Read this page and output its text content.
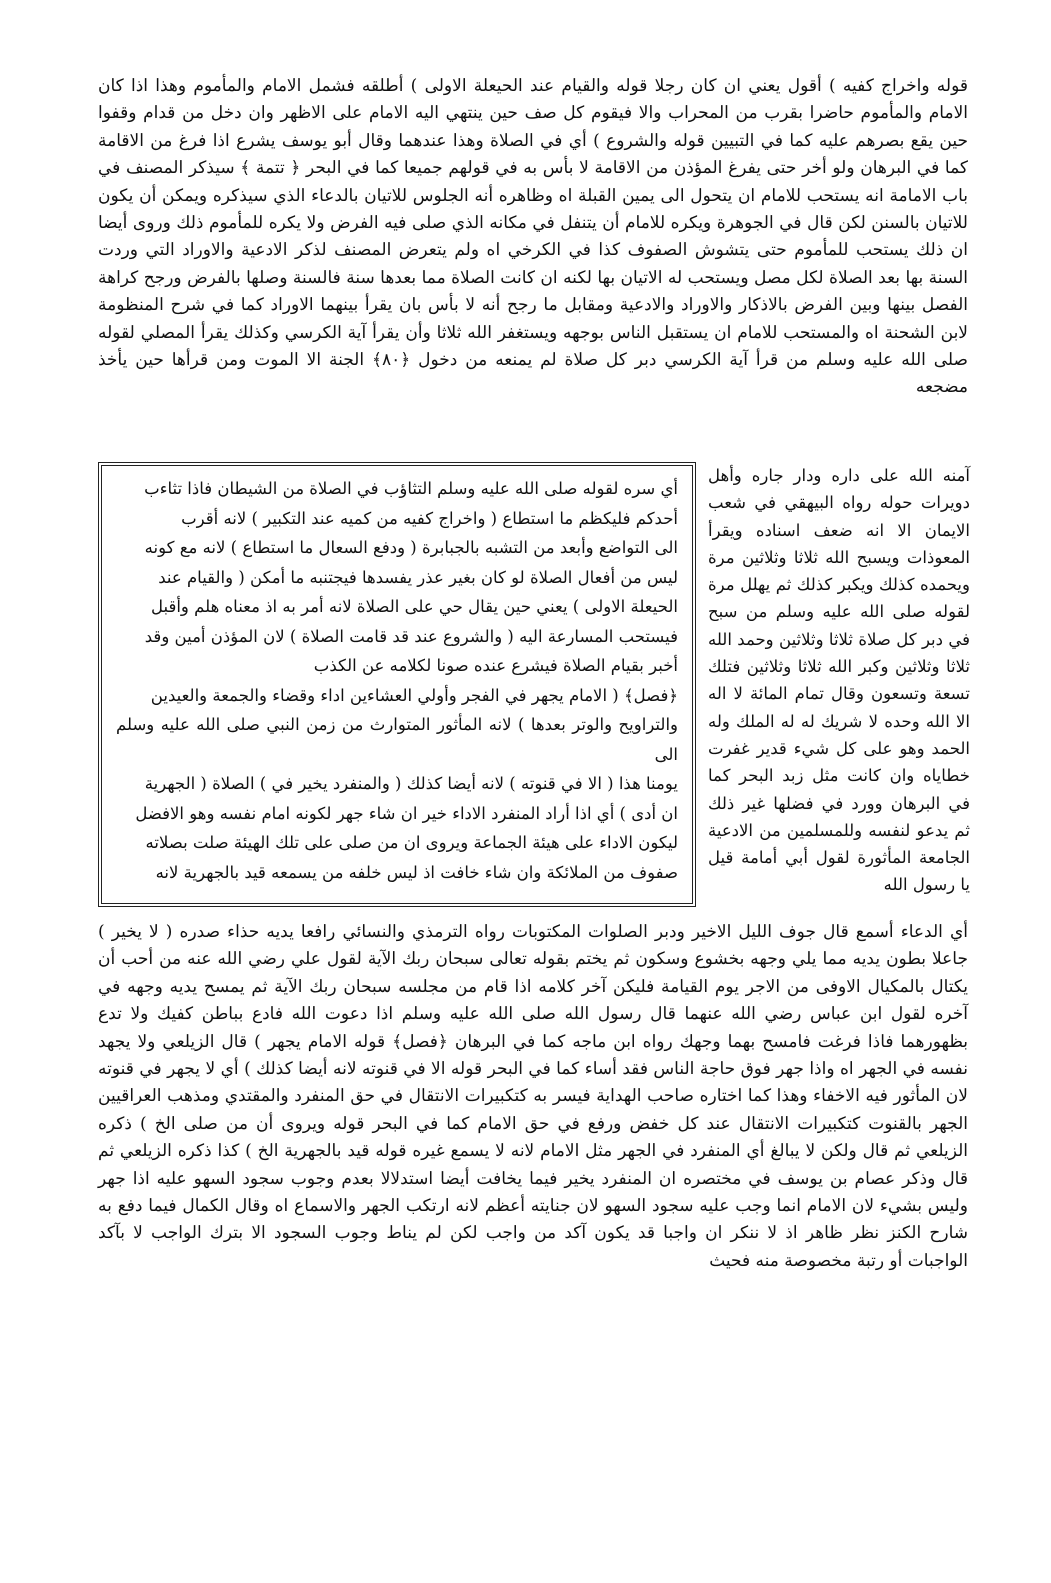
قوله واخراج كفيه ) أقول يعني ان كان رجلا قوله والقيام عند الحيعلة الاولى ) أطلقه فشمل الامام والمأموم وهذا اذا كان الامام والمأموم حاضرا بقرب من المحراب والا فيقوم كل صف حين ينتهي اليه الامام على الاظهر وان دخل من قدام وقفوا حين يقع بصرهم عليه كما في التبيين قوله والشروع ) أي في الصلاة وهذا عندهما وقال أبو يوسف يشرع اذا فرغ من الاقامة كما في البرهان ولو أخر حتى يفرغ المؤذن من الاقامة لا بأس به في قولهم جميعا كما في البحر ﴿ تتمة ﴾ سيذكر المصنف في باب الامامة انه يستحب للامام ان يتحول الى يمين القبلة اه وظاهره أنه الجلوس للاتيان بالدعاء الذي سيذكره ويمكن أن يكون للاتيان بالسنن لكن قال في الجوهرة ويكره للامام أن يتنفل في مكانه الذي صلى فيه الفرض ولا يكره للمأموم ذلك وروى أيضا ان ذلك يستحب للمأموم حتى يتشوش الصفوف كذا في الكرخي اه ولم يتعرض المصنف لذكر الادعية والاوراد التي وردت السنة بها بعد الصلاة لكل مصل ويستحب له الاتيان بها لكنه ان كانت الصلاة مما بعدها سنة فالسنة وصلها بالفرض ورجح كراهة الفصل بينها وبين الفرض بالاذكار والاوراد والادعية ومقابل ما رجح أنه لا بأس بان يقرأ بينهما الاوراد كما في شرح المنظومة لابن الشحنة اه والمستحب للامام ان يستقبل الناس بوجهه ويستغفر الله ثلاثا وأن يقرأ آية الكرسي وكذلك يقرأ المصلي لقوله صلى الله عليه وسلم من قرأ آية الكرسي دبر كل صلاة لم يمنعه من دخول ﴿٨٠﴾ الجنة الا الموت ومن قرأها حين يأخذ مضجعه

أي سره لقوله صلى الله عليه وسلم التثاؤب في الصلاة من الشيطان فاذا تثاءب

أحدكم فليكظم ما استطاع ( واخراج كفيه من كميه عند التكبير ) لانه أقرب

الى التواضع وأبعد من التشبه بالجبابرة ( ودفع السعال ما استطاع ) لانه مع كونه

ليس من أفعال الصلاة لو كان بغير عذر يفسدها فيجتنبه ما أمكن ( والقيام عند

الحيعلة الاولى ) يعني حين يقال حي على الصلاة لانه أمر به اذ معناه هلم وأقبل

فيستحب المسارعة اليه ( والشروع عند قد قامت الصلاة ) لان المؤذن أمين وقد

أخبر بقيام الصلاة فيشرع عنده صونا لكلامه عن الكذب

﴿فصل﴾ ( الامام يجهر في الفجر وأولي العشاءين اداء وقضاء والجمعة والعيدين

والتراويح والوتر بعدها ) لانه المأثور المتوارث من زمن النبي صلى الله عليه وسلم الى

يومنا هذا ( الا في قنوته ) لانه أيضا كذلك ( والمنفرد يخير في ) الصلاة ( الجهرية

ان أدى ) أي اذا أراد المنفرد الاداء خير ان شاء جهر لكونه امام نفسه وهو الافضل

ليكون الاداء على هيئة الجماعة ويروى ان من صلى على تلك الهيئة صلت بصلاته

صفوف من الملائكة وان شاء خافت اذ ليس خلفه من يسمعه قيد بالجهرية لانه

آمنه الله على داره ودار جاره وأهل دويرات حوله رواه البيهقي في شعب الايمان الا انه ضعف اسناده ويقرأ المعوذات ويسبح الله ثلاثا وثلاثين مرة ويحمده كذلك ويكبر كذلك ثم يهلل مرة لقوله صلى الله عليه وسلم من سبح في دبر كل صلاة ثلاثا وثلاثين وحمد الله ثلاثا وثلاثين وكبر الله ثلاثا وثلاثين فتلك تسعة وتسعون وقال تمام المائة لا اله الا الله وحده لا شريك له له الملك وله الحمد وهو على كل شيء قدير غفرت خطاياه وان كانت مثل زبد البحر كما في البرهان وورد في فضلها غير ذلك ثم يدعو لنفسه وللمسلمين من الادعية الجامعة المأثورة لقول أبي أمامة قيل يا رسول الله

أي الدعاء أسمع قال جوف الليل الاخير ودبر الصلوات المكتوبات رواه الترمذي والنسائي رافعا يديه حذاء صدره ( لا يخير ) جاعلا بطون يديه مما يلي وجهه بخشوع وسكون ثم يختم بقوله تعالى سبحان ربك الآية لقول علي رضي الله عنه من أحب أن يكتال بالمكيال الاوفى من الاجر يوم القيامة فليكن آخر كلامه اذا قام من مجلسه سبحان ربك الآية ثم يمسح يديه وجهه في آخره لقول ابن عباس رضي الله عنهما قال رسول الله صلى الله عليه وسلم اذا دعوت الله فادع بباطن كفيك ولا تدع بظهورهما فاذا فرغت فامسح بهما وجهك رواه ابن ماجه كما في البرهان ﴿فصل﴾ قوله الامام يجهر ) قال الزيلعي ولا يجهد نفسه في الجهر اه واذا جهر فوق حاجة الناس فقد أساء كما في البحر قوله الا في قنوته لانه أيضا كذلك ) أي لا يجهر في قنوته لان المأثور فيه الاخفاء وهذا كما اختاره صاحب الهداية فيسر به كتكبيرات الانتقال في حق المنفرد والمقتدي ومذهب العراقيين الجهر بالقنوت كتكبيرات الانتقال عند كل خفض ورفع في حق الامام كما في البحر قوله ويروى أن من صلى الخ ) ذكره الزيلعي ثم قال ولكن لا يبالغ أي المنفرد في الجهر مثل الامام لانه لا يسمع غيره قوله قيد بالجهرية الخ ) كذا ذكره الزيلعي ثم قال وذكر عصام بن يوسف في مختصره ان المنفرد يخير فيما يخافت أيضا استدلالا بعدم وجوب سجود السهو عليه اذا جهر وليس بشيء لان الامام انما وجب عليه سجود السهو لان جنايته أعظم لانه ارتكب الجهر والاسماع اه وقال الكمال فيما دفع به شارح الكنز نظر ظاهر اذ لا ننكر ان واجبا قد يكون آكد من واجب لكن لم يناط وجوب السجود الا بترك الواجب لا بآكد الواجبات أو رتبة مخصوصة منه فحيث
